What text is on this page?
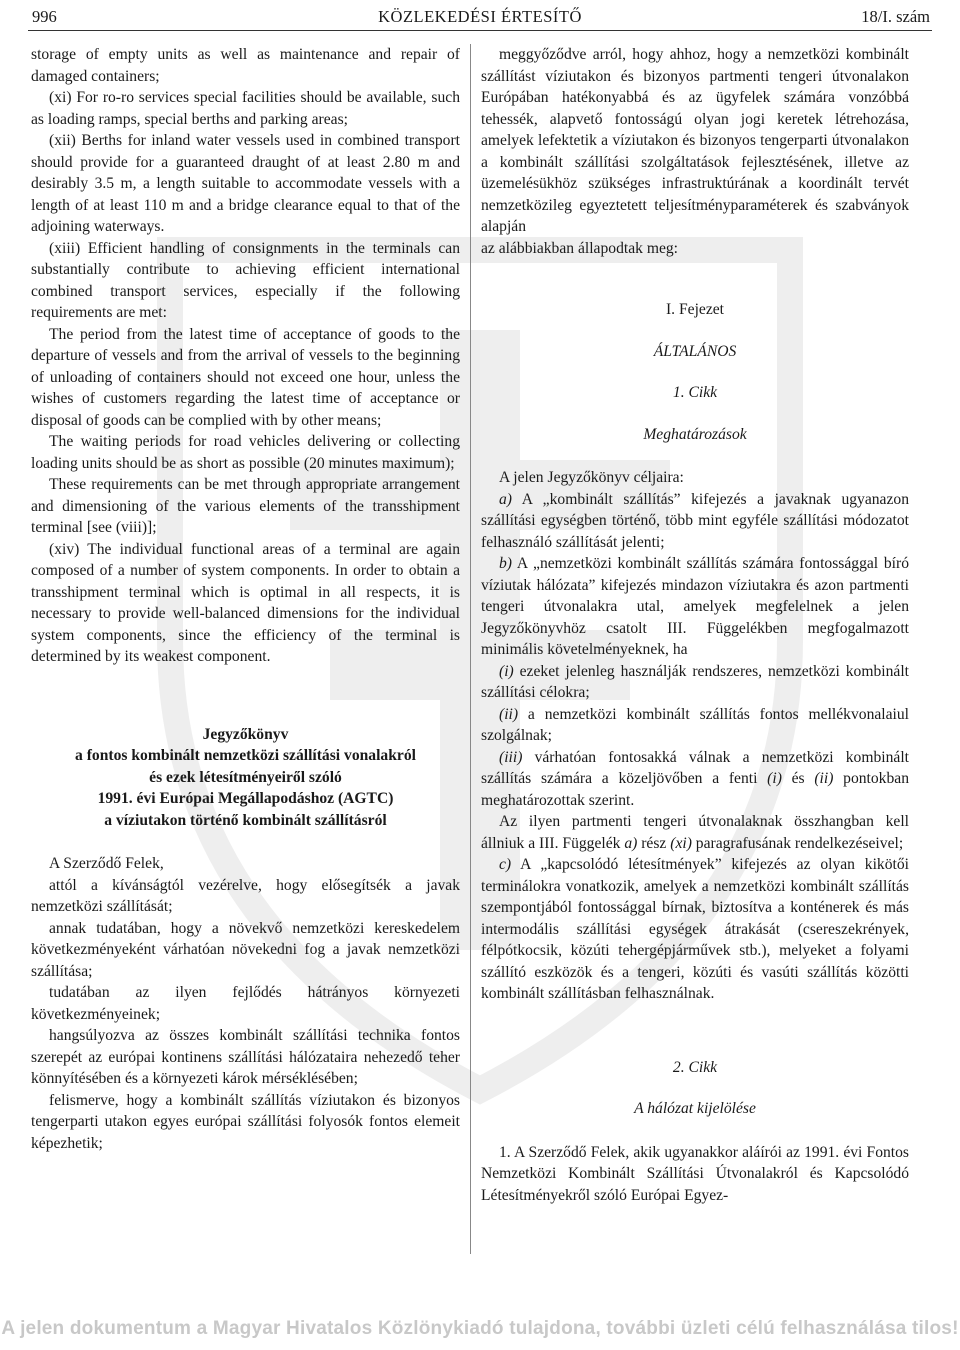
996	KÖZLEKEDÉSI ÉRTESÍTŐ	18/I. szám

storage of empty units as well as maintenance and repair of damaged containers;

(xi) For ro-ro services special facilities should be available, such as loading ramps, special berths and parking areas;

(xii) Berths for inland water vessels used in combined transport should provide for a guaranteed draught of at least 2.80 m and desirably 3.5 m, a length suitable to accommodate vessels with a length of at least 110 m and a bridge clearance equal to that of the adjoining waterways.

(xiii) Efficient handling of consignments in the terminals can substantially contribute to achieving efficient international combined transport services, especially if the following requirements are met:

The period from the latest time of acceptance of goods to the departure of vessels and from the arrival of vessels to the beginning of unloading of containers should not exceed one hour, unless the wishes of customers regarding the latest time of acceptance or disposal of goods can be complied with by other means;

The waiting periods for road vehicles delivering or collecting loading units should be as short as possible (20 minutes maximum);

These requirements can be met through appropriate arrangement and dimensioning of the various elements of the transshipment terminal [see (viii)];

(xiv) The individual functional areas of a terminal are again composed of a number of system components. In order to obtain a transshipment terminal which is optimal in all respects, it is necessary to provide well-balanced dimensions for the individual system components, since the efficiency of the terminal is determined by its weakest component.

Jegyzőkönyv

a fontos kombinált nemzetközi szállítási vonalakról

és ezek létesítményeiről szóló

1991. évi Európai Megállapodáshoz (AGTC)

a víziutakon történő kombinált szállításról

A Szerződő Felek,

attól a kívánságtól vezérelve, hogy elősegítsék a javak nemzetközi szállítását;

annak tudatában, hogy a növekvő nemzetközi kereskedelem következményeként várhatóan növekedni fog a javak nemzetközi szállítása;

tudatában az ilyen fejlődés hátrányos környezeti következményeinek;

hangsúlyozva az összes kombinált szállítási technika fontos szerepét az európai kontinens szállítási hálózataira nehezedő teher könnyítésében és a környezeti károk mérséklésében;

felismerve, hogy a kombinált szállítás víziutakon és bizonyos tengerparti utakon egyes európai szállítási folyosók fontos elemeit képezhetik;

meggyőződve arról, hogy ahhoz, hogy a nemzetközi kombinált szállítást víziutakon és bizonyos partmenti tengeri útvonalakon Európában hatékonyabbá és az ügyfelek számára vonzóbbá tehessék, alapvető fontosságú olyan jogi keretek létrehozása, amelyek lefektetik a víziutakon és bizonyos tengerparti útvonalakon a kombinált szállítási szolgáltatások fejlesztésének, illetve az üzemelésükhöz szükséges infrastruktúrának a koordinált tervét nemzetközileg egyeztetett teljesítményparaméterek és szabványok alapján

az alábbiakban állapodtak meg:

I. Fejezet

ÁLTALÁNOS

1. Cikk

Meghatározások

A jelen Jegyzőkönyv céljaira:

a) A „kombinált szállítás” kifejezés a javaknak ugyanazon szállítási egységben történő, több mint egyféle szállítási módozatot felhasználó szállítását jelenti;

b) A „nemzetközi kombinált szállítás számára fontossággal bíró víziutak hálózata” kifejezés mindazon víziutakra és azon partmenti tengeri útvonalakra utal, amelyek megfelelnek a jelen Jegyzőkönyvhöz csatolt III. Függelékben megfogalmazott minimális követelményeknek, ha

(i) ezeket jelenleg használják rendszeres, nemzetközi kombinált szállítási célokra;

(ii) a nemzetközi kombinált szállítás fontos mellékvonalaiul szolgálnak;

(iii) várhatóan fontosakká válnak a nemzetközi kombinált szállítás számára a közeljövőben a fenti (i) és (ii) pontokban meghatározottak szerint.

Az ilyen partmenti tengeri útvonalaknak összhangban kell állniuk a III. Függelék a) rész (xi) paragrafusának rendelkezéseivel;

c) A „kapcsolódó létesítmények” kifejezés az olyan kikötői terminálokra vonatkozik, amelyek a nemzetközi kombinált szállítás szempontjából fontossággal bírnak, biztosítva a konténerek és más intermodális szállítási egységek átrakását (csereszekrények, félpótkocsik, közúti tehergépjárművek stb.), melyeket a folyami szállító eszközök és a tengeri, közúti és vasúti szállítás közötti kombinált szállításban felhasználnak.

2. Cikk

A hálózat kijelölése

1. A Szerződő Felek, akik ugyanakkor aláírói az 1991. évi Fontos Nemzetközi Kombinált Szállítási Útvonalakról és Kapcsolódó Létesítményekről szóló Európai Egyez-

A jelen dokumentum a Magyar Hivatalos Közlönykiadó tulajdona, további üzleti célú felhasználása tilos!
